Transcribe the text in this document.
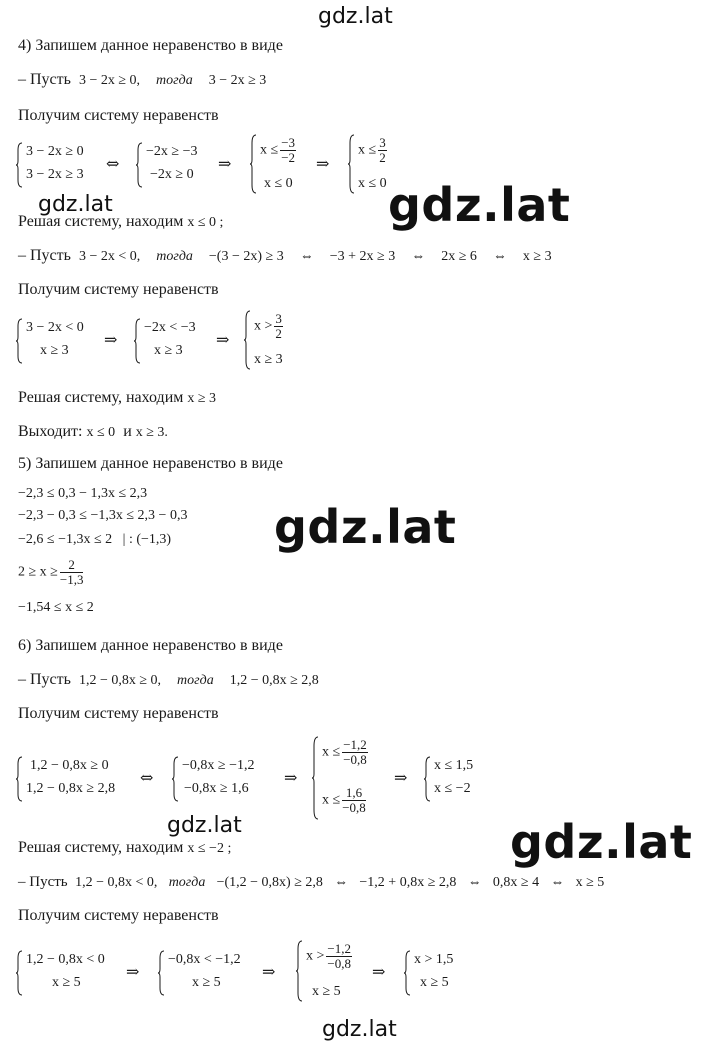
gdz.lat
gdz.lat	gdz.lat
gdz.lat
gdz.lat	gdz.lat
gdz.lat
4) Запишем данное неравенство в виде
– Пусть 3 − 2x ≥ 0, тогда 3 − 2x ≥ 3
Получим систему неравенств
3 − 2x ≥ 0
3 − 2x ≥ 3
⇔
−2x ≥ −3
−2x ≥ 0
⇒
$x \le \frac{-3}{-2}$
x ≤ 0
⇒
$x \le \frac{3}{2}$
x ≤ 0
Решая систему, находим x ≤ 0 ;
– Пусть 3 − 2x < 0, тогда −(3 − 2x) ≥ 3 ⇔ −3 + 2x ≥ 3 ⇔ 2x ≥ 6 ⇔ x ≥ 3
Получим систему неравенств
3 − 2x < 0
x ≥ 3
⇒
−2x < −3
x ≥ 3
⇒
$x > \frac{3}{2}$
x ≥ 3
Решая систему, находим x ≥ 3
Выходит: x ≤ 0 и x ≥ 3.
5) Запишем данное неравенство в виде
−2,3 ≤ 0,3 − 1,3x ≤ 2,3
−2,3 − 0,3 ≤ −1,3x ≤ 2,3 − 0,3
−2,6 ≤ −1,3x ≤ 2 | : (−1,3)
$2 \ge x \ge \frac{2}{-1,3}$
−1,54 ≤ x ≤ 2
6) Запишем данное неравенство в виде
– Пусть 1,2 − 0,8x ≥ 0, тогда 1,2 − 0,8x ≥ 2,8
Получим систему неравенств
1,2 − 0,8x ≥ 0
1,2 − 0,8x ≥ 2,8
⇔
−0,8x ≥ −1,2
−0,8x ≥ 1,6
⇒
$x \le \frac{-1,2}{-0,8}$
$x \le \frac{1,6}{-0,8}$
⇒
x ≤ 1,5
x ≤ −2
Решая систему, находим x ≤ −2 ;
– Пусть 1,2 − 0,8x < 0, тогда −(1,2 − 0,8x) ≥ 2,8 ⇔ −1,2 + 0,8x ≥ 2,8 ⇔ 0,8x ≥ 4 ⇔ x ≥ 5
Получим систему неравенств
1,2 − 0,8x < 0
x ≥ 5
⇒
−0,8x < −1,2
x ≥ 5
⇒
$x > \frac{-1,2}{-0,8}$
x ≥ 5
⇒
x > 1,5
x ≥ 5
